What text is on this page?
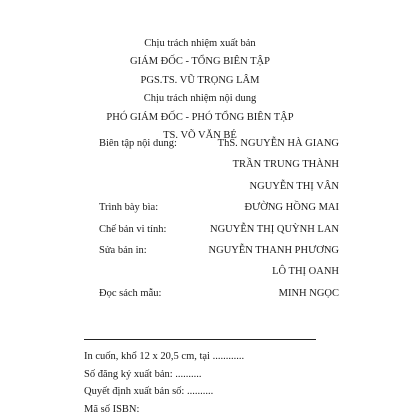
Chịu trách nhiệm xuất bản
GIÁM ĐỐC - TỔNG BIÊN TẬP
PGS.TS. VŨ TRỌNG LÂM
Chịu trách nhiệm nội dung
PHÓ GIÁM ĐỐC - PHÓ TỔNG BIÊN TẬP
TS. VÕ VĂN BÉ
Biên tập nội dung:	ThS. NGUYỄN HÀ GIANG
TRẦN TRUNG THÀNH
NGUYỄN THỊ VÂN
Trình bày bìa:	ĐƯỜNG HỒNG MAI
Chế bản vi tính:	NGUYỄN THỊ QUỲNH LAN
Sửa bản in:	NGUYỄN THANH PHƯƠNG
LÔ THỊ OANH
Đọc sách mẫu:	MINH NGỌC
In cuốn, khổ 12 x 20,5 cm, tại ............
Số đăng ký xuất bản: ..........
Quyết định xuất bản số: ..........
Mã số ISBN:
